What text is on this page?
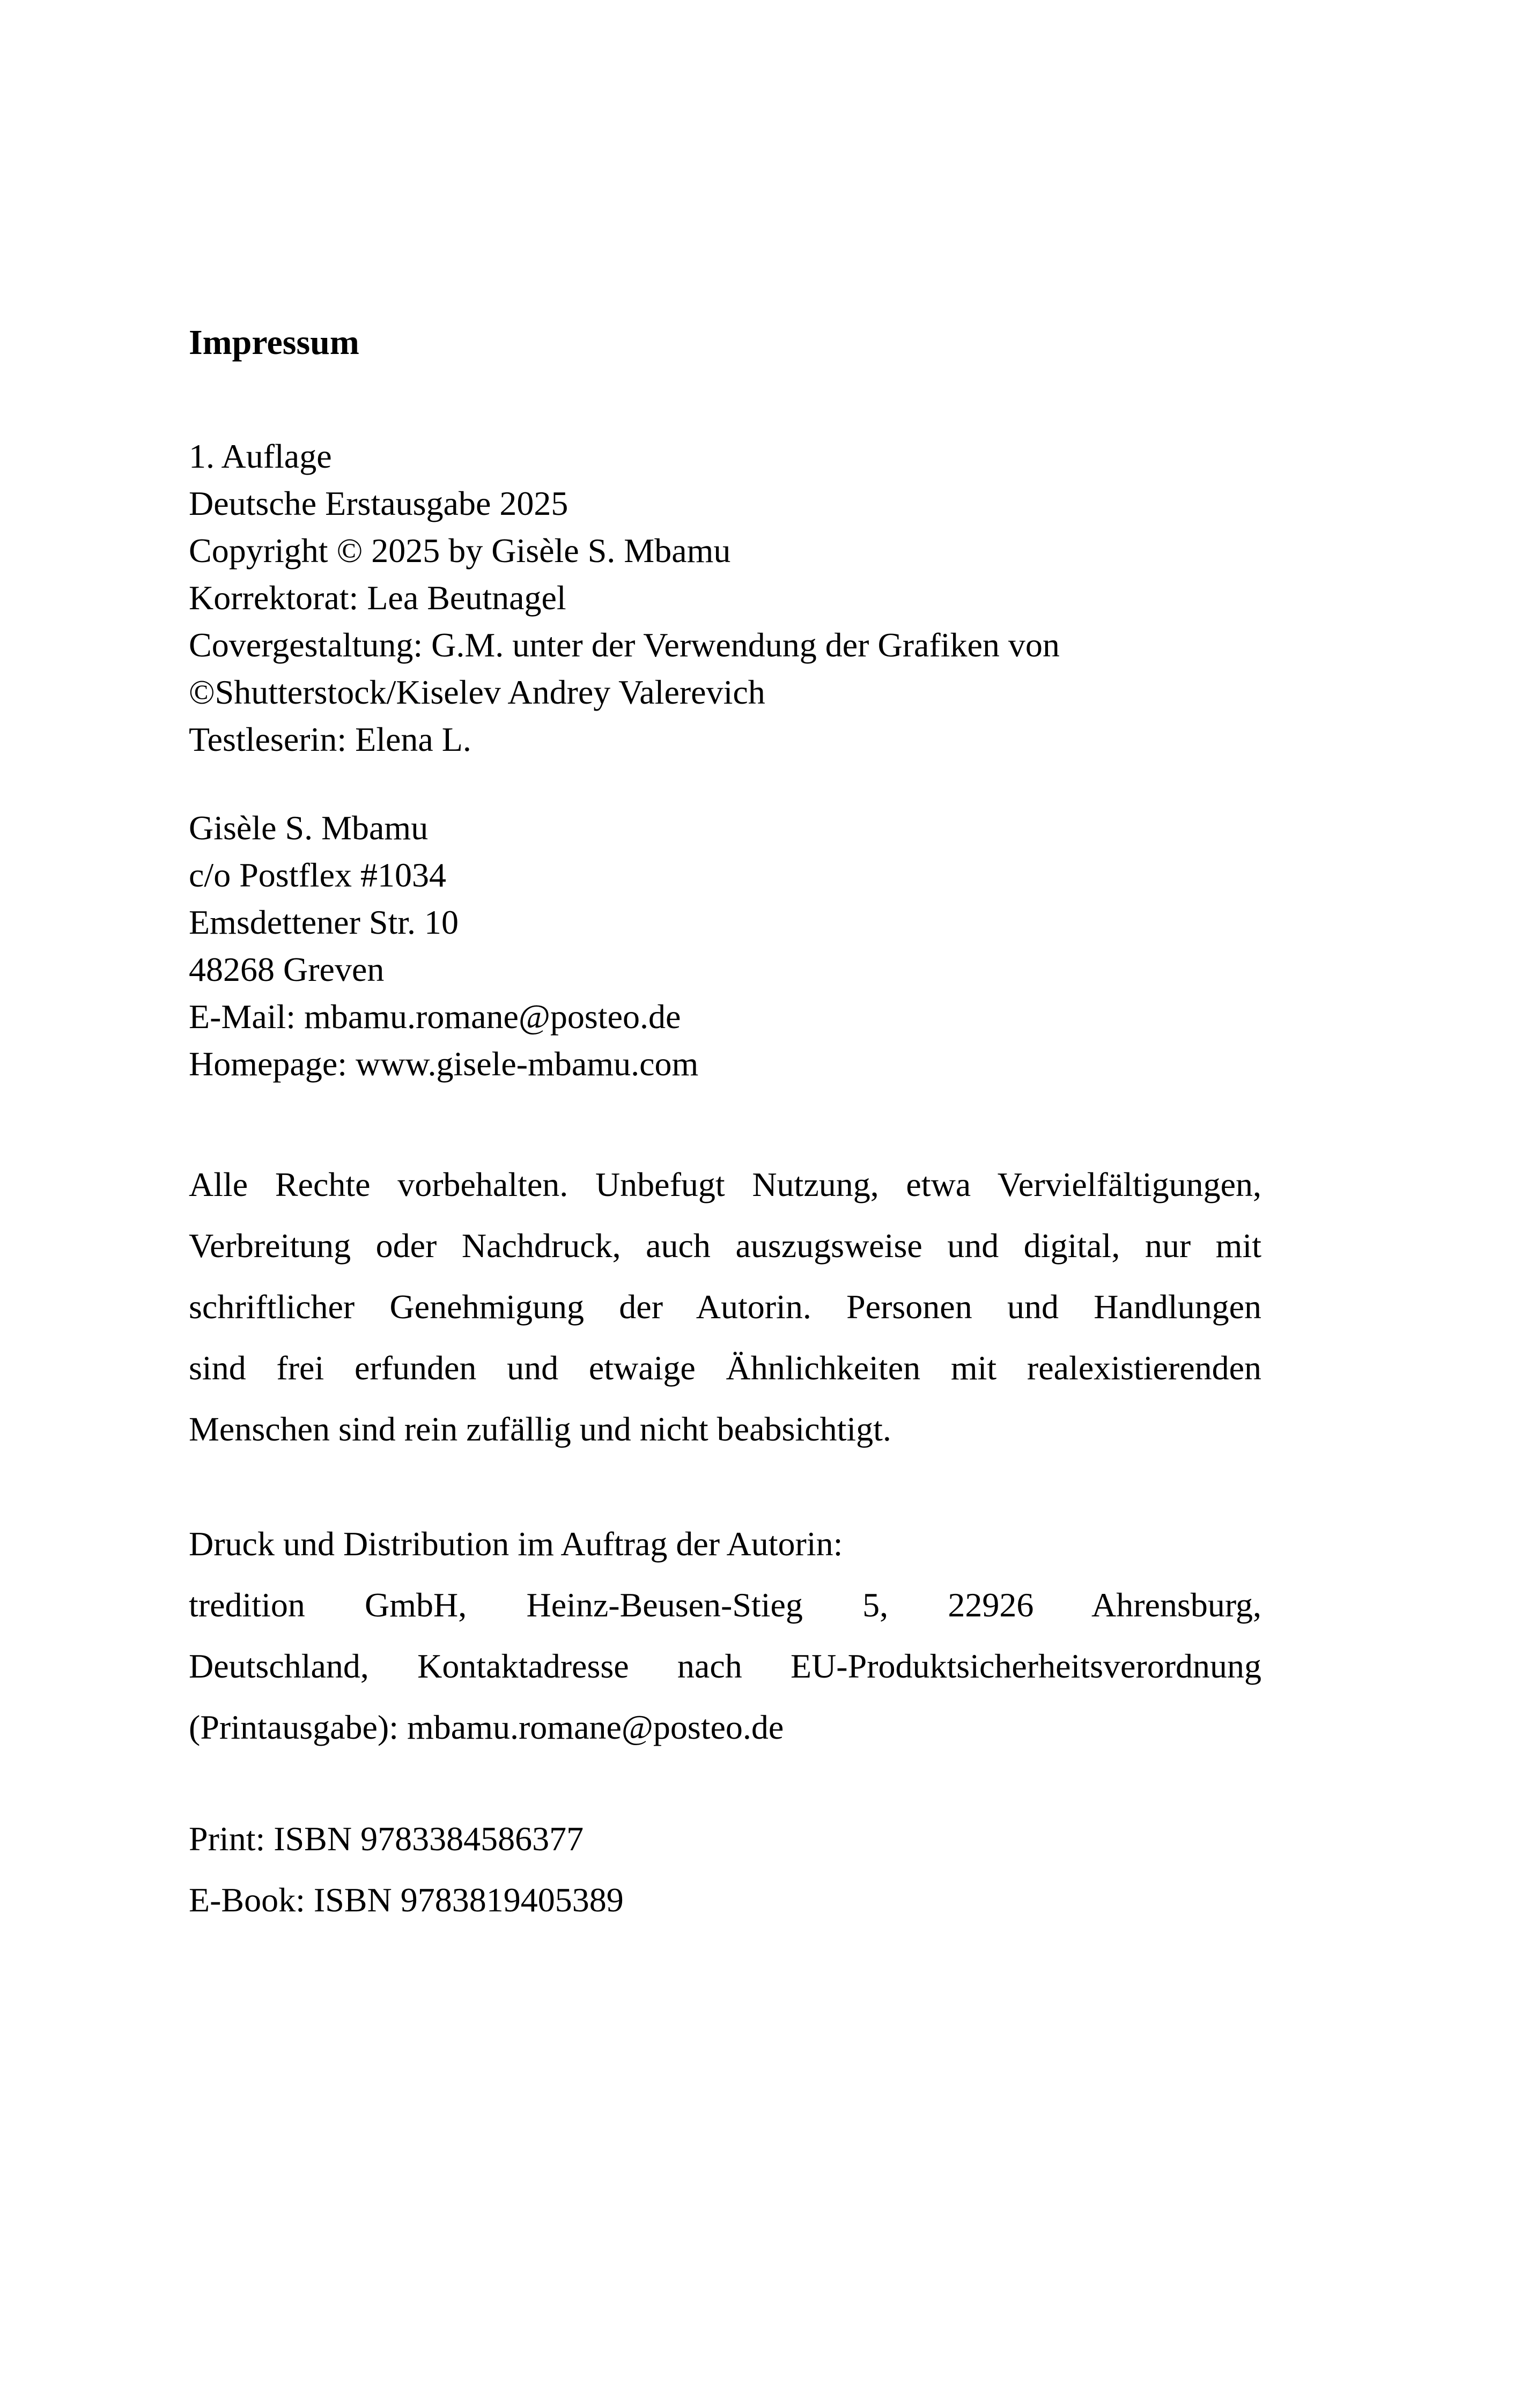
Impressum
1. Auflage
Deutsche Erstausgabe 2025
Copyright © 2025 by Gisèle S. Mbamu
Korrektorat: Lea Beutnagel
Covergestaltung: G.M. unter der Verwendung der Grafiken von
©Shutterstock/Kiselev Andrey Valerevich
Testleserin: Elena L.
Gisèle S. Mbamu
c/o Postflex #1034
Emsdettener Str. 10
48268 Greven
E-Mail: mbamu.romane@posteo.de
Homepage: www.gisele-mbamu.com
Alle Rechte vorbehalten. Unbefugt Nutzung, etwa Vervielfältigungen,
Verbreitung oder Nachdruck, auch auszugsweise und digital, nur mit
schriftlicher Genehmigung der Autorin. Personen und Handlungen
sind frei erfunden und etwaige Ähnlichkeiten mit realexistierenden
Menschen sind rein zufällig und nicht beabsichtigt.
Druck und Distribution im Auftrag der Autorin:
tredition GmbH, Heinz-Beusen-Stieg 5, 22926 Ahrensburg,
Deutschland, Kontaktadresse nach EU-Produktsicherheitsverordnung
(Printausgabe): mbamu.romane@posteo.de
Print: ISBN 9783384586377
E-Book: ISBN 9783819405389
